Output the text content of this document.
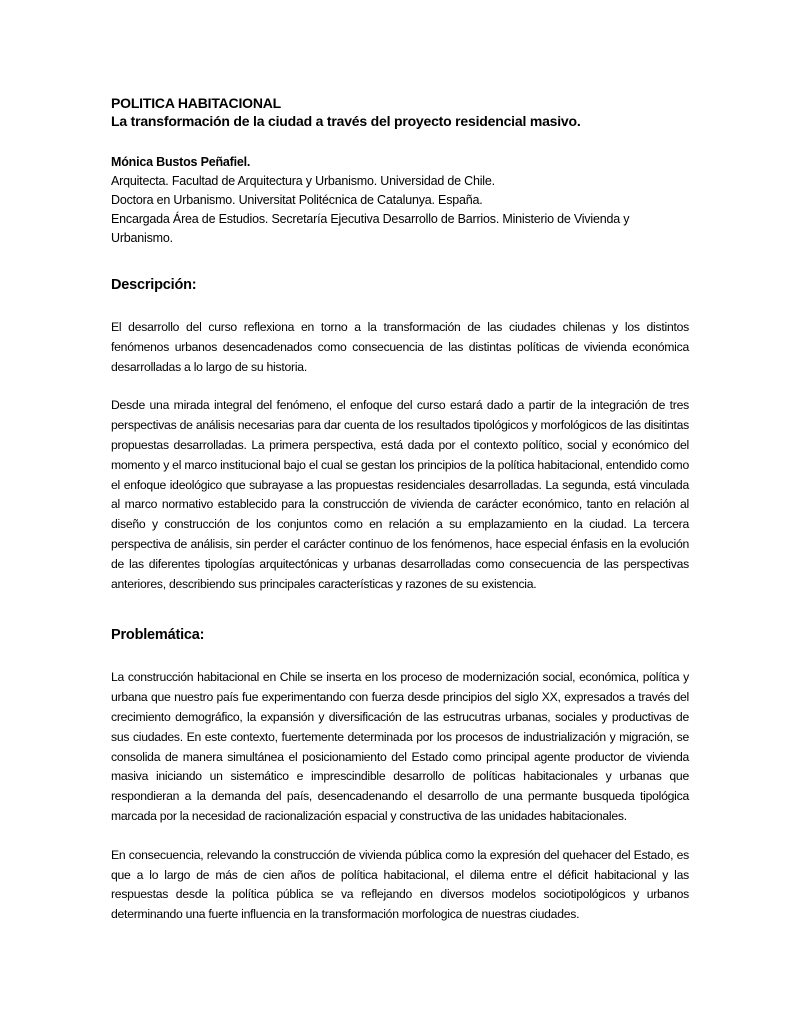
POLITICA HABITACIONAL
La transformación de la ciudad a través del proyecto residencial masivo.
Mónica Bustos Peñafiel.
Arquitecta. Facultad de Arquitectura y Urbanismo. Universidad de Chile.
Doctora en Urbanismo. Universitat Politécnica de Catalunya. España.
Encargada Área de Estudios. Secretaría Ejecutiva Desarrollo de Barrios. Ministerio de Vivienda y Urbanismo.
Descripción:

El desarrollo del curso reflexiona en torno a la transformación de las ciudades chilenas y los distintos fenómenos urbanos desencadenados como consecuencia de las distintas políticas de vivienda económica desarrolladas a lo largo de su historia.

Desde una mirada integral del fenómeno, el enfoque del curso estará dado a partir de la integración de tres perspectivas de análisis necesarias para dar cuenta de los resultados tipológicos y morfológicos de las disitintas propuestas desarrolladas. La primera perspectiva, está dada por el contexto político, social y económico del momento y el marco institucional bajo el cual se gestan los principios de la política habitacional, entendido como el enfoque ideológico que subrayase a las propuestas residenciales desarrolladas. La segunda, está vinculada al marco normativo establecido para la construcción de vivienda de carácter económico, tanto en relación al diseño y construcción de los conjuntos como en relación a su emplazamiento en la ciudad. La tercera perspectiva de análisis, sin perder el carácter continuo de los fenómenos, hace especial énfasis en la evolución de las diferentes tipologías arquitectónicas y urbanas desarrolladas como consecuencia de las perspectivas anteriores, describiendo sus principales características y razones de su existencia.

Problemática:

La construcción habitacional en Chile se inserta en los proceso de modernización social, económica, política y urbana que nuestro país fue experimentando con fuerza desde principios del siglo XX, expresados a través del crecimiento demográfico, la expansión y diversificación de las estrucutras urbanas, sociales y productivas de sus ciudades. En este contexto, fuertemente determinada por los procesos de industrialización y migración, se consolida de manera simultánea el posicionamiento del Estado como principal agente productor de vivienda masiva iniciando un sistemático e imprescindible desarrollo de políticas habitacionales y urbanas que respondieran a la demanda del país, desencadenando el desarrollo de una permante busqueda tipológica marcada por la necesidad de racionalización espacial y constructiva de las unidades habitacionales.

En consecuencia, relevando la construcción de vivienda pública como la expresión del quehacer del Estado, es que a lo largo de más de cien años de política habitacional, el dilema entre el déficit habitacional y las respuestas desde la política pública se va reflejando en diversos modelos sociotipológicos y urbanos determinando una fuerte influencia en la transformación morfologica de nuestras ciudades.
